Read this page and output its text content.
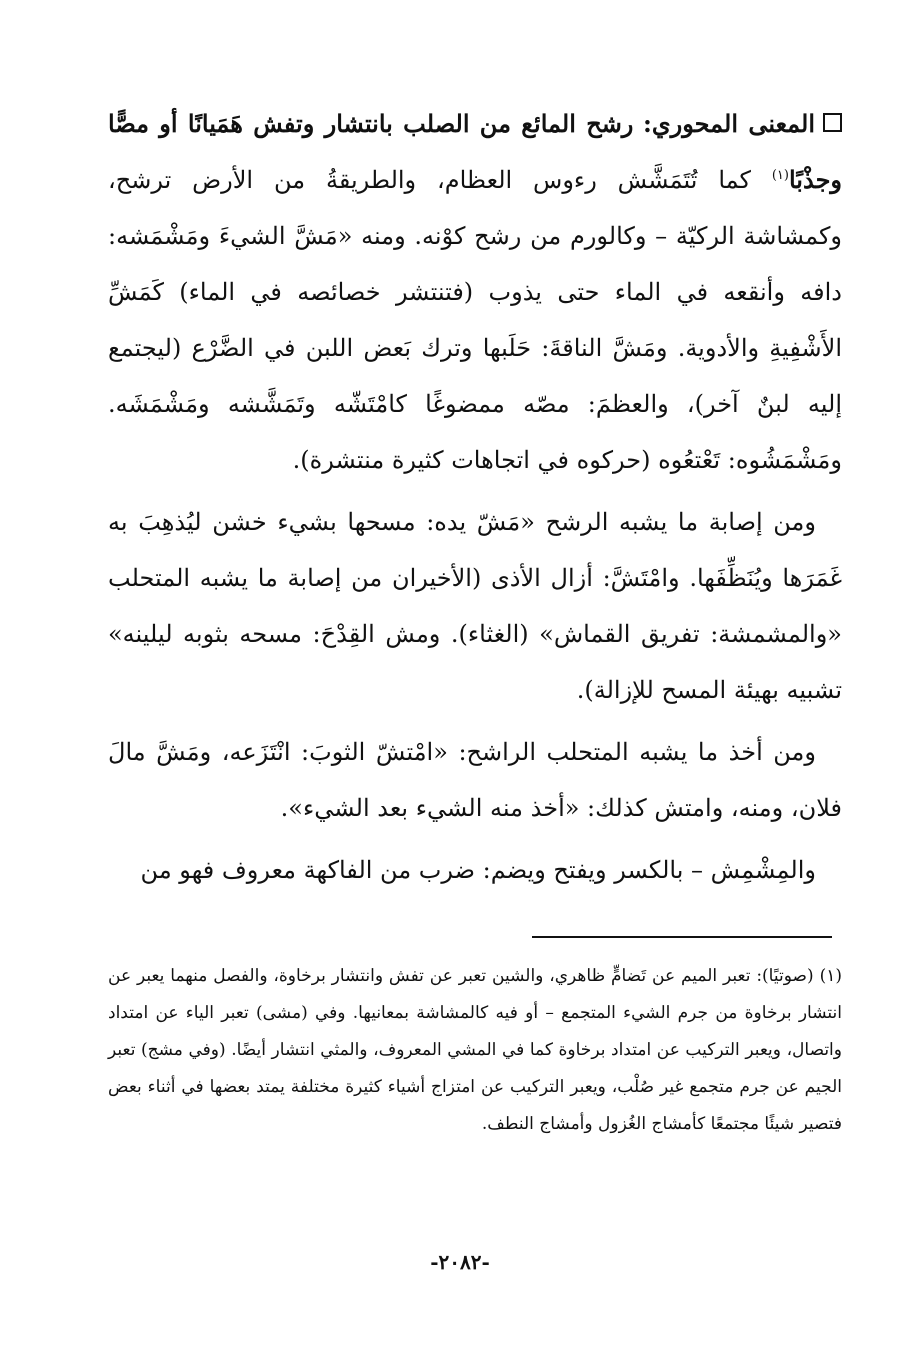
المعنى المحوري: رشح المائع من الصلب بانتشار وتفش هَمَيانًا أو مصًّا وجذْبًا$^{(١)}$ كما تُتَمَشَّش رءوس العظام، والطريقةُ من الأرض ترشح، وكمشاشة الركيّة – وكالورم من رشح كوْنه. ومنه «مَشَّ الشيءَ ومَشْمَشه: دافه وأنقعه في الماء حتى يذوب (فتنتشر خصائصه في الماء) كَمَشِّ الأَشْفِيةِ والأدوية. ومَشَّ الناقةَ: حَلَبها وترك بَعض اللبن في الضَّرْع (ليجتمع إليه لبنٌ آخر)، والعظمَ: مصّه ممضوغًا كامْتَشّه وتَمَشَّشه ومَشْمَشَه. ومَشْمَشُوه: تَعْتعُوه (حركوه في اتجاهات كثيرة منتشرة).

ومن إصابة ما يشبه الرشح «مَشّ يده: مسحها بشيء خشن ليُذهِبَ به غَمَرَها ويُنَظِّفَها. وامْتَشَّ: أزال الأذى (الأخيران من إصابة ما يشبه المتحلب «والمشمشة: تفريق القماش» (الغثاء). ومش القِدْحَ: مسحه بثوبه ليلينه» تشبيه بهيئة المسح للإزالة).

ومن أخذ ما يشبه المتحلب الراشح: «امْتشّ الثوبَ: انْتَزَعه، ومَشَّ مالَ فلان، ومنه، وامتش كذلك: «أخذ منه الشيء بعد الشيء».

والمِشْمِش – بالكسر ويفتح ويضم: ضرب من الفاكهة معروف فهو من

(١)(صوتيًا): تعبر الميم عن تَضامٍّ ظاهري، والشين تعبر عن تفش وانتشار برخاوة، والفصل منهما يعبر عن انتشار برخاوة من جرم الشيء المتجمع – أو فيه كالمشاشة بمعانيها. وفي (مشى) تعبر الياء عن امتداد واتصال، ويعبر التركيب عن امتداد برخاوة كما في المشي المعروف، والمثي انتشار أيضًا. (وفي مشج) تعبر الجيم عن جرم متجمع غير صُلْب، ويعبر التركيب عن امتزاج أشياء كثيرة مختلفة يمتد بعضها في أثناء بعض فتصير شيئًا مجتمعًا كأمشاج الغُزول وأمشاج النطف.
-٢٠٨٢-
